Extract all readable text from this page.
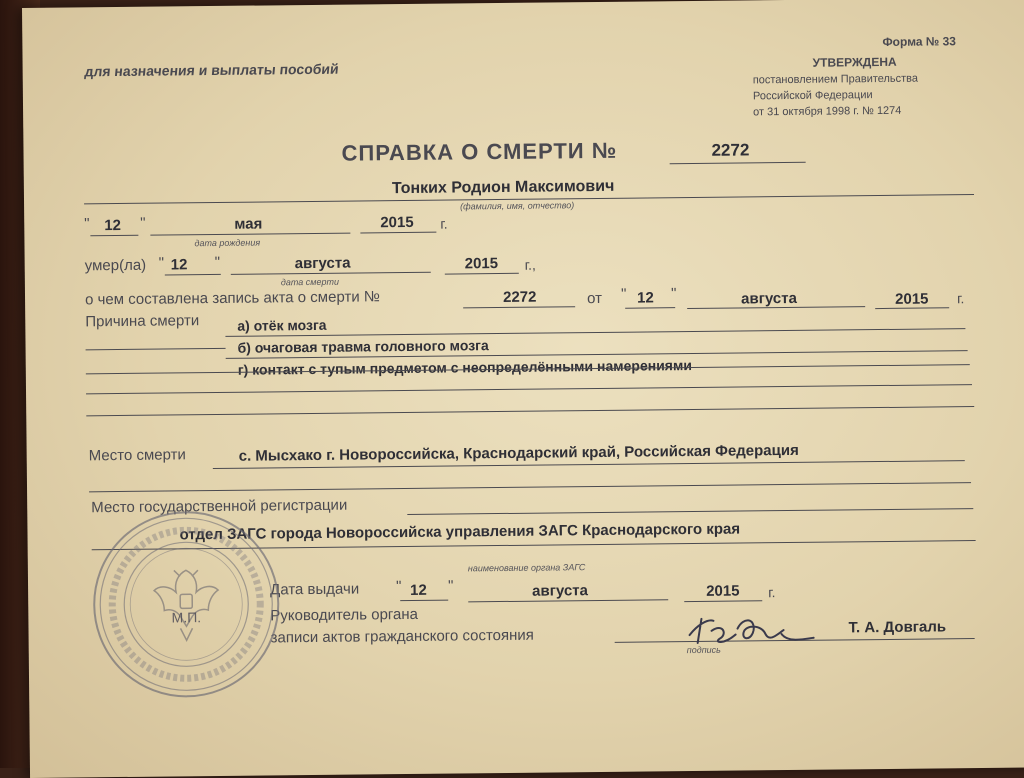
для назначения и выплаты пособий
Форма № 33
УТВЕРЖДЕНА
постановлением Правительства
Российской Федерации
от 31 октября 1998 г. № 1274
СПРАВКА О СМЕРТИ №	2272
Тонких Родион Максимович
(фамилия, имя, отчество)
" 12 "	мая	2015 г.
дата рождения
умер(ла) " 12 "	августа	2015 г.,
дата смерти
о чем составлена запись акта о смерти №	2272	от " 12 "	августа	2015 г.
Причина смерти	а) отёк мозга
б) очаговая травма головного мозга
г) контакт с тупым предметом с неопределёнными намерениями
Место смерти	с. Мысхако г. Новороссийска, Краснодарский край, Российская Федерация
Место государственной регистрации
отдел ЗАГС города Новороссийска управления ЗАГС Краснодарского края
наименование органа ЗАГС
Дата выдачи " 12 "	августа	2015 г.
Руководитель органа
записи актов гражданского состояния
подпись
Т. А. Довгаль
М.П.
